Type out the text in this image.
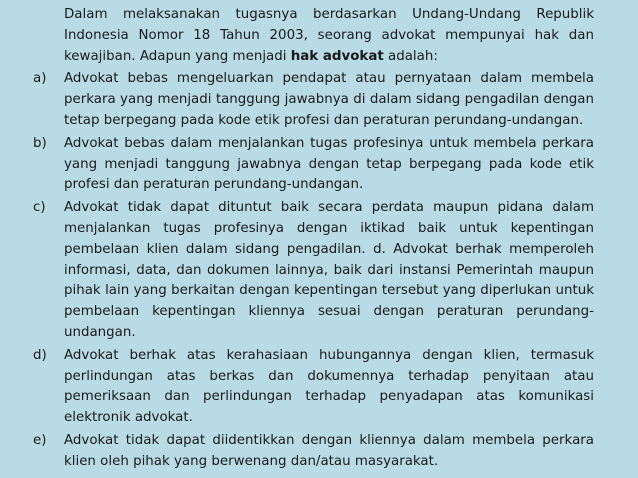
Dalam melaksanakan tugasnya berdasarkan Undang-Undang Republik Indonesia Nomor 18 Tahun 2003, seorang advokat mempunyai hak dan kewajiban. Adapun yang menjadi hak advokat adalah:

a)	Advokat bebas mengeluarkan pendapat atau pernyataan dalam membela perkara yang menjadi tanggung jawabnya di dalam sidang pengadilan dengan tetap berpegang pada kode etik profesi dan peraturan perundang-undangan.
b)	Advokat bebas dalam menjalankan tugas profesinya untuk membela perkara yang menjadi tanggung jawabnya dengan tetap berpegang pada kode etik profesi dan peraturan perundang-undangan.
c)	Advokat tidak dapat dituntut baik secara perdata maupun pidana dalam menjalankan tugas profesinya dengan iktikad baik untuk kepentingan pembelaan klien dalam sidang pengadilan. d. Advokat berhak memperoleh informasi, data, dan dokumen lainnya, baik dari instansi Pemerintah maupun pihak lain yang berkaitan dengan kepentingan tersebut yang diperlukan untuk pembelaan kepentingan kliennya sesuai dengan peraturan perundang-undangan.
d)	Advokat berhak atas kerahasiaan hubungannya dengan klien, termasuk perlindungan atas berkas dan dokumennya terhadap penyitaan atau pemeriksaan dan perlindungan terhadap penyadapan atas komunikasi elektronik advokat.
e)	Advokat tidak dapat diidentikkan dengan kliennya dalam membela perkara klien oleh pihak yang berwenang dan/atau masyarakat.
